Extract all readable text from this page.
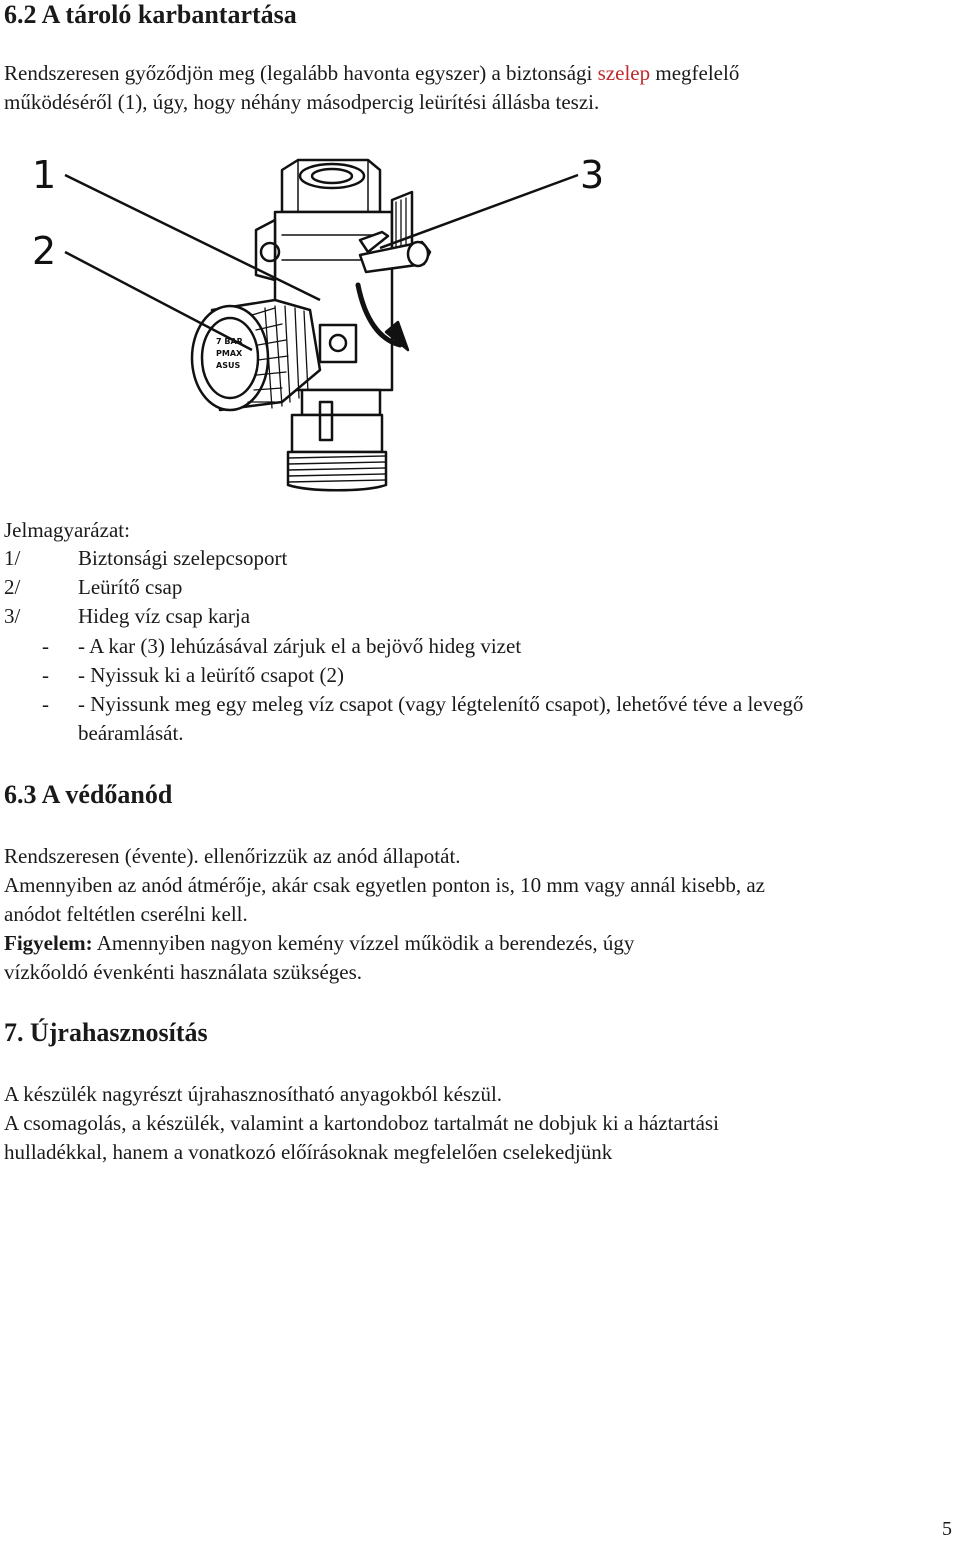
6.2 A tároló karbantartása

Rendszeresen győződjön meg (legalább havonta egyszer) a biztonsági szelep megfelelő

működéséről (1), úgy, hogy néhány másodpercig leürítési állásba teszi.

7 BAR
PMAX
ASUS
1
2
3

Jelmagyarázat:

1/	Biztonsági szelepcsoport
2/	Leürítő csap
3/	Hideg víz csap karja
- - A kar (3) lehúzásával zárjuk el a bejövő hideg vizet
- - Nyissuk ki a leürítő csapot (2)
- - Nyissunk meg egy meleg víz csapot (vagy légtelenítő csapot), lehetővé téve a levegő
beáramlását.
6.3 A védőanód

Rendszeresen (évente). ellenőrizzük az anód állapotát.

Amennyiben az anód átmérője, akár csak egyetlen ponton is, 10 mm vagy annál kisebb, az

anódot feltétlen cserélni kell.

Figyelem: Amennyiben nagyon kemény vízzel működik a berendezés, úgy

vízkőoldó évenkénti használata szükséges.

7. Újrahasznosítás

A készülék nagyrészt újrahasznosítható anyagokból készül.

A csomagolás, a készülék, valamint a kartondoboz tartalmát ne dobjuk ki a háztartási

hulladékkal, hanem a vonatkozó előírásoknak megfelelően cselekedjünk

5
